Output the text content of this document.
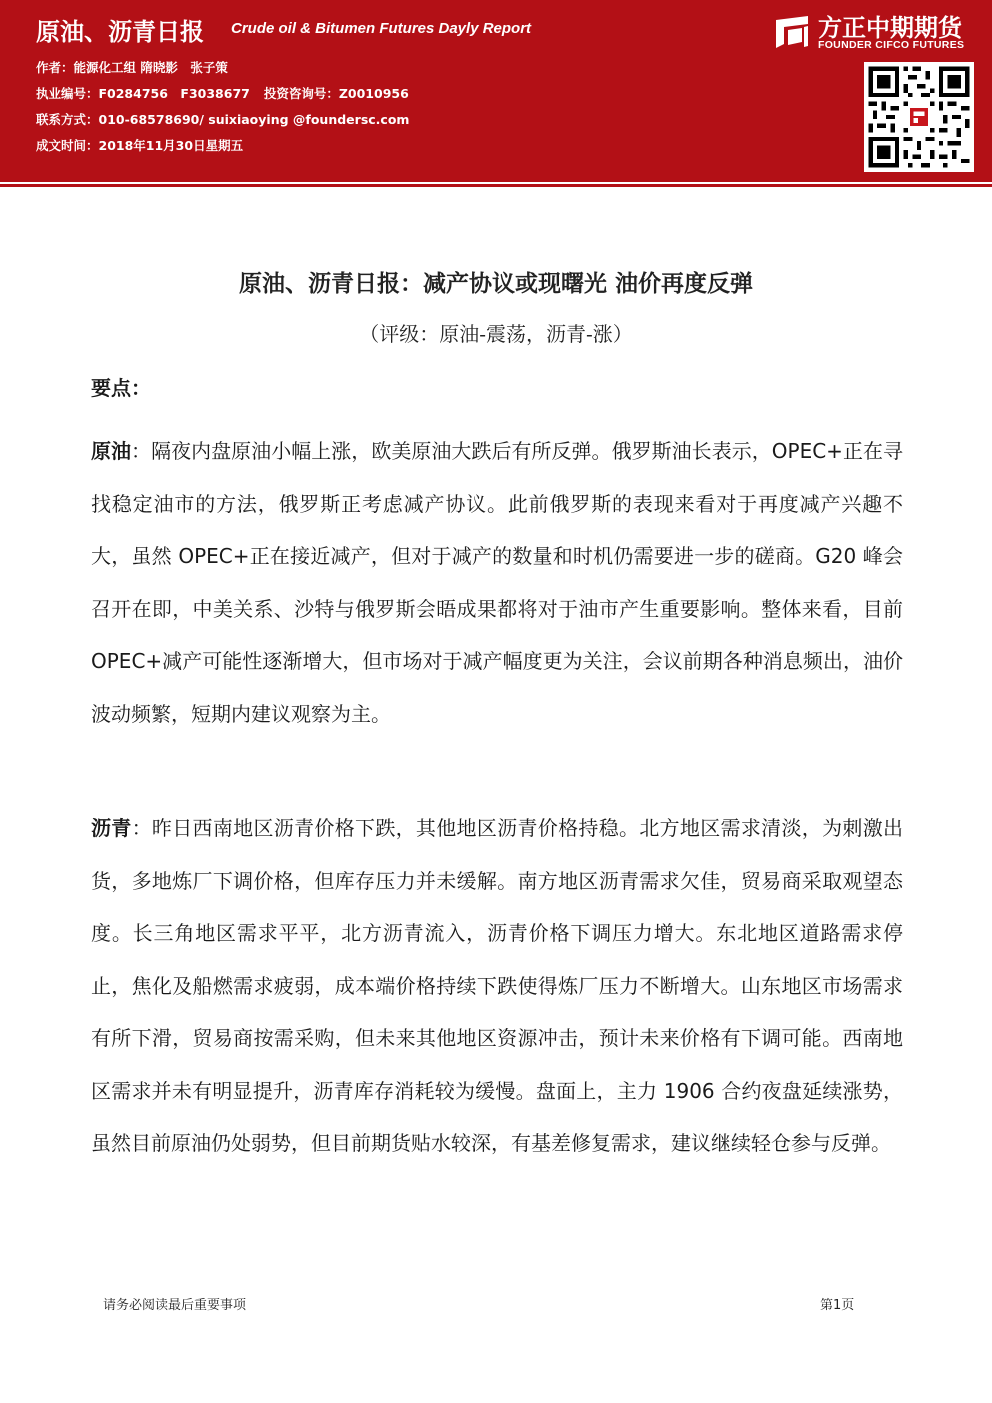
原油、沥青日报 Crude oil & Bitumen Futures Dayly Report
作者：能源化工组 隋晓影　张子策
执业编号：F0284756　F3038677 投资咨询号：Z0010956
联系方式：010-68578690/ suixiaoying @foundersc.com
成文时间：2018年11月30日星期五
方正中期期货
FOUNDER CIFCO FUTURES
原油、沥青日报：减产协议或现曙光 油价再度反弹
（评级：原油-震荡，沥青-涨）
要点：
原油：隔夜内盘原油小幅上涨，欧美原油大跌后有所反弹。俄罗斯油长表示，OPEC+正在寻找稳定油市的方法，俄罗斯正考虑减产协议。此前俄罗斯的表现来看对于再度减产兴趣不大，虽然 OPEC+正在接近减产，但对于减产的数量和时机仍需要进一步的磋商。G20 峰会召开在即，中美关系、沙特与俄罗斯会晤成果都将对于油市产生重要影响。整体来看，目前 OPEC+减产可能性逐渐增大，但市场对于减产幅度更为关注，会议前期各种消息频出，油价波动频繁，短期内建议观察为主。
沥青：昨日西南地区沥青价格下跌，其他地区沥青价格持稳。北方地区需求清淡，为刺激出货，多地炼厂下调价格，但库存压力并未缓解。南方地区沥青需求欠佳，贸易商采取观望态度。长三角地区需求平平，北方沥青流入，沥青价格下调压力增大。东北地区道路需求停止，焦化及船燃需求疲弱，成本端价格持续下跌使得炼厂压力不断增大。山东地区市场需求有所下滑，贸易商按需采购，但未来其他地区资源冲击，预计未来价格有下调可能。西南地区需求并未有明显提升，沥青库存消耗较为缓慢。盘面上，主力 1906 合约夜盘延续涨势，虽然目前原油仍处弱势，但目前期货贴水较深，有基差修复需求，建议继续轻仓参与反弹。
请务必阅读最后重要事项	第1页
